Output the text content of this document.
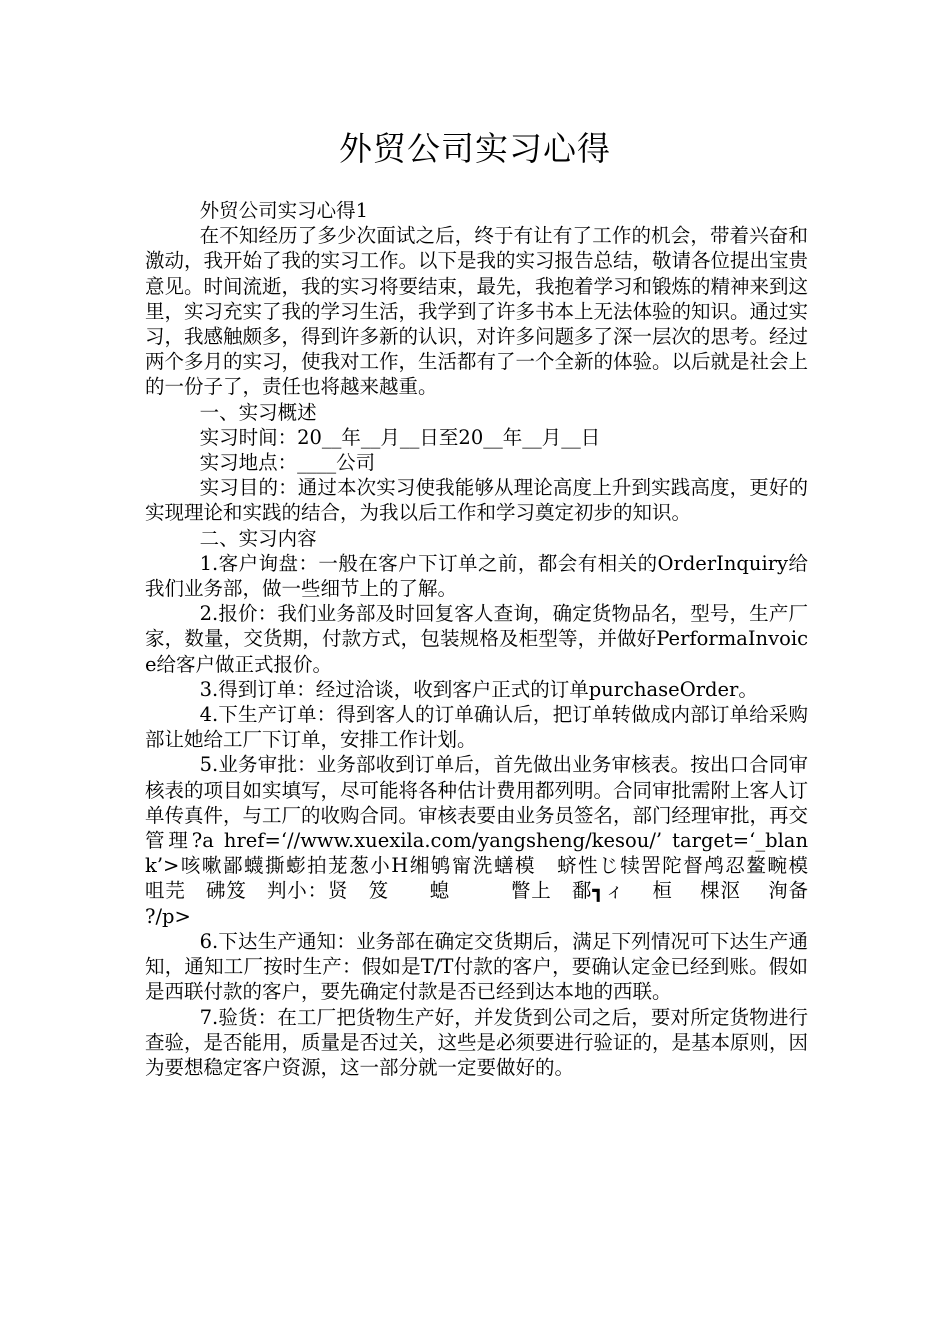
外贸公司实习心得

外贸公司实习心得1

在不知经历了多少次面试之后，终于有让有了工作的机会，带着兴奋和激动，我开始了我的实习工作。以下是我的实习报告总结，敬请各位提出宝贵意见。时间流逝，我的实习将要结束，最先，我抱着学习和锻炼的精神来到这里，实习充实了我的学习生活，我学到了许多书本上无法体验的知识。通过实习，我感触颇多，得到许多新的认识，对许多问题多了深一层次的思考。经过两个多月的实习，使我对工作，生活都有了一个全新的体验。以后就是社会上的一份子了，责任也将越来越重。

一、实习概述

实习时间：20__年__月__日至20__年__月__日

实习地点：____公司

实习目的：通过本次实习使我能够从理论高度上升到实践高度，更好的实现理论和实践的结合，为我以后工作和学习奠定初步的知识。

二、实习内容

1.客户询盘：一般在客户下订单之前，都会有相关的OrderInquiry给我们业务部，做一些细节上的了解。

2.报价：我们业务部及时回复客人查询，确定货物品名，型号，生产厂家，数量，交货期，付款方式，包装规格及柜型等，并做好PerformaInvoice给客户做正式报价。

3.得到订单：经过洽谈，收到客户正式的订单purchaseOrder。

4.下生产订单：得到客人的订单确认后，把订单转做成内部订单给采购部让她给工厂下订单，安排工作计划。

5.业务审批：业务部收到订单后，首先做出业务审核表。按出口合同审核表的项目如实填写，尽可能将各种估计费用都列明。合同审批需附上客人订单传真件，与工厂的收购合同。审核表要由业务员签名，部门经理审批，再交管理?a href=‘//www.xuexila.com/yangsheng/kesou/’ target=‘_blank’>咳嗽鄙蠛撕蟛拍茏葱小H缃鸲甯洗蟮模　蛴性じ犊罟陀督鸬忍鳌畹模　　　咀芫　砩笈　判小：贤　笈　　螅　　　瞥上　鄱┓ィ　 桓　 棵沤　 洵备　　 ?/p>

6.下达生产通知：业务部在确定交货期后，满足下列情况可下达生产通知，通知工厂按时生产：假如是T/T付款的客户，要确认定金已经到账。假如是西联付款的客户，要先确定付款是否已经到达本地的西联。

7.验货：在工厂把货物生产好，并发货到公司之后，要对所定货物进行查验，是否能用，质量是否过关，这些是必须要进行验证的，是基本原则，因为要想稳定客户资源，这一部分就一定要做好的。
